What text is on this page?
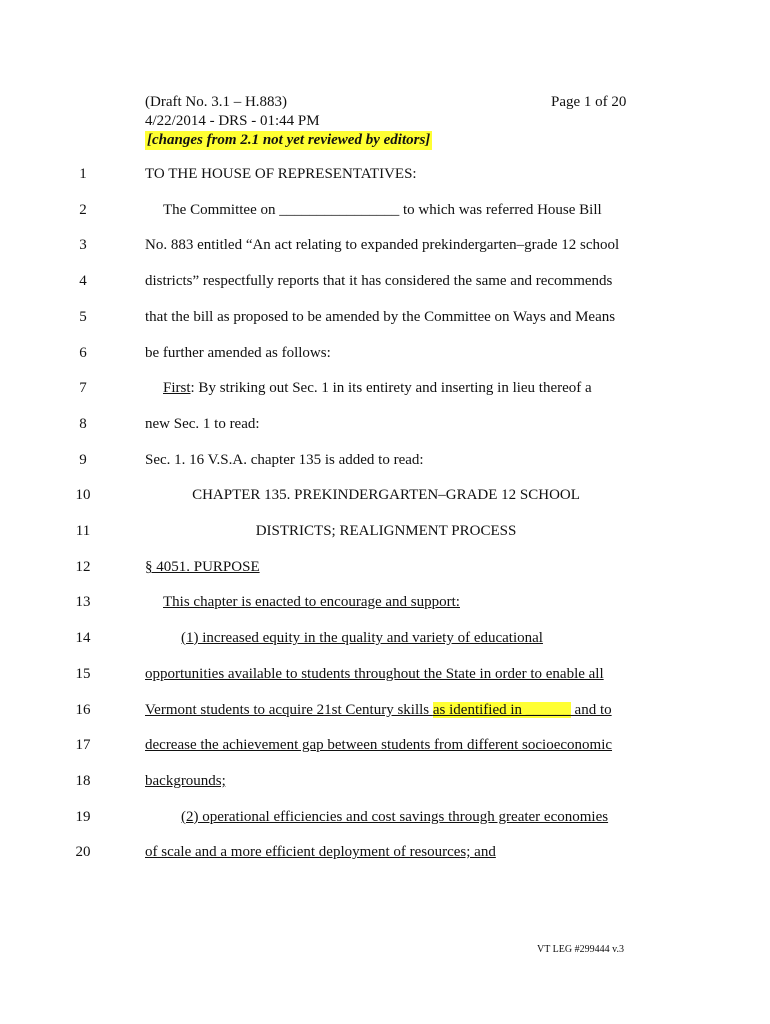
(Draft No. 3.1 – H.883)	Page 1 of 20
4/22/2014 - DRS - 01:44 PM
[changes from 2.1 not yet reviewed by editors]
1	TO THE HOUSE OF REPRESENTATIVES:
2	The Committee on ________________ to which was referred House Bill
3	No. 883 entitled “An act relating to expanded prekindergarten–grade 12 school
4	districts” respectfully reports that it has considered the same and recommends
5	that the bill as proposed to be amended by the Committee on Ways and Means
6	be further amended as follows:
7	First: By striking out Sec. 1 in its entirety and inserting in lieu thereof a
8	new Sec. 1 to read:
9	Sec. 1. 16 V.S.A. chapter 135 is added to read:
10	CHAPTER 135. PREKINDERGARTEN–GRADE 12 SCHOOL
11	DISTRICTS; REALIGNMENT PROCESS
12	§ 4051. PURPOSE
13	This chapter is enacted to encourage and support:
14	(1) increased equity in the quality and variety of educational
15	opportunities available to students throughout the State in order to enable all
16	Vermont students to acquire 21st Century skills as identified in ______ and to
17	decrease the achievement gap between students from different socioeconomic
18	backgrounds;
19	(2) operational efficiencies and cost savings through greater economies
20	of scale and a more efficient deployment of resources; and
VT LEG #299444 v.3
